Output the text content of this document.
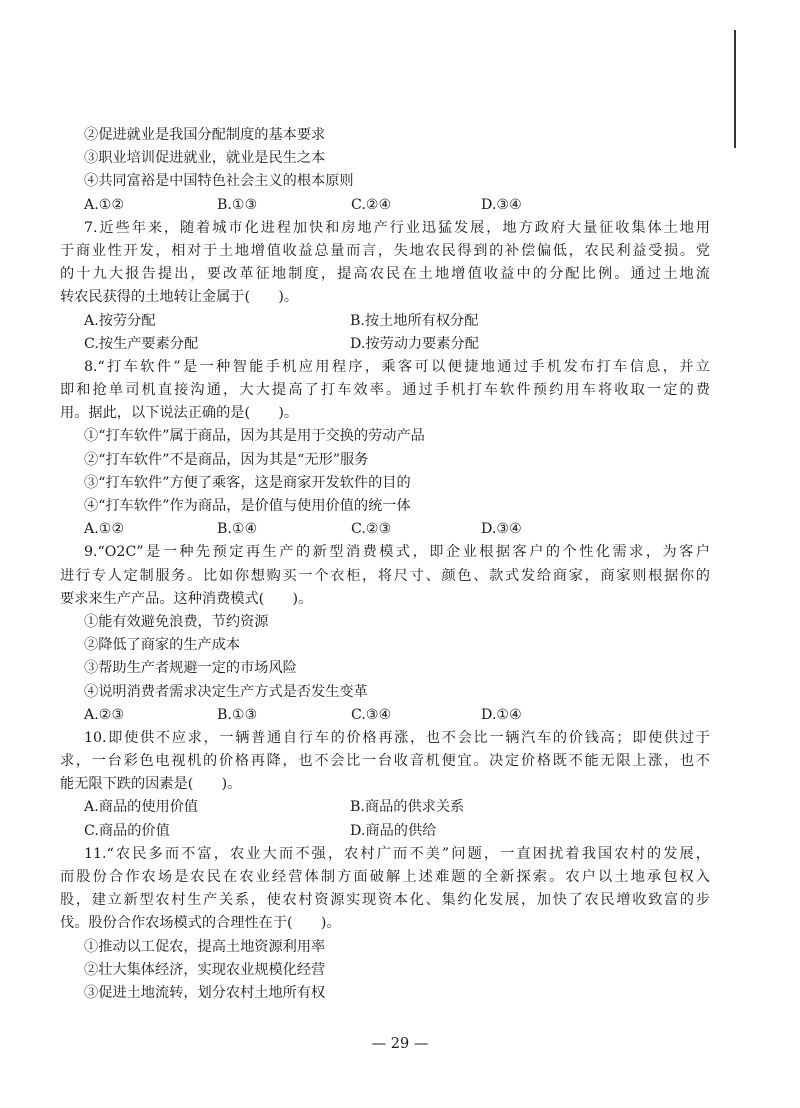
②促进就业是我国分配制度的基本要求
③职业培训促进就业，就业是民生之本
④共同富裕是中国特色社会主义的根本原则
A.①②	B.①③	C.②④	D.③④
7.近些年来，随着城市化进程加快和房地产行业迅猛发展，地方政府大量征收集体土地用
于商业性开发，相对于土地增值收益总量而言，失地农民得到的补偿偏低，农民利益受损。党
的十九大报告提出，要改革征地制度，提高农民在土地增值收益中的分配比例。通过土地流
转农民获得的土地转让金属于(　　)。
A.按劳分配	B.按土地所有权分配
C.按生产要素分配	D.按劳动力要素分配
8.“打车软件”是一种智能手机应用程序，乘客可以便捷地通过手机发布打车信息，并立
即和抢单司机直接沟通，大大提高了打车效率。通过手机打车软件预约用车将收取一定的费
用。据此，以下说法正确的是(　　)。
①“打车软件”属于商品，因为其是用于交换的劳动产品
②“打车软件”不是商品，因为其是“无形”服务
③“打车软件”方便了乘客，这是商家开发软件的目的
④“打车软件”作为商品，是价值与使用价值的统一体
A.①②	B.①④	C.②③	D.③④
9.“O2C”是一种先预定再生产的新型消费模式，即企业根据客户的个性化需求，为客户
进行专人定制服务。比如你想购买一个衣柜，将尺寸、颜色、款式发给商家，商家则根据你的
要求来生产产品。这种消费模式(　　)。
①能有效避免浪费，节约资源
②降低了商家的生产成本
③帮助生产者规避一定的市场风险
④说明消费者需求决定生产方式是否发生变革
A.②③	B.①③	C.③④	D.①④
10.即使供不应求，一辆普通自行车的价格再涨，也不会比一辆汽车的价钱高；即使供过于
求，一台彩色电视机的价格再降，也不会比一台收音机便宜。决定价格既不能无限上涨，也不
能无限下跌的因素是(　　)。
A.商品的使用价值	B.商品的供求关系
C.商品的价值	D.商品的供给
11.“农民多而不富，农业大而不强，农村广而不美”问题，一直困扰着我国农村的发展，
而股份合作农场是农民在农业经营体制方面破解上述难题的全新探索。农户以土地承包权入
股，建立新型农村生产关系，使农村资源实现资本化、集约化发展，加快了农民增收致富的步
伐。股份合作农场模式的合理性在于(　　)。
①推动以工促农，提高土地资源利用率
②壮大集体经济，实现农业规模化经营
③促进土地流转，划分农村土地所有权
— 29 —
